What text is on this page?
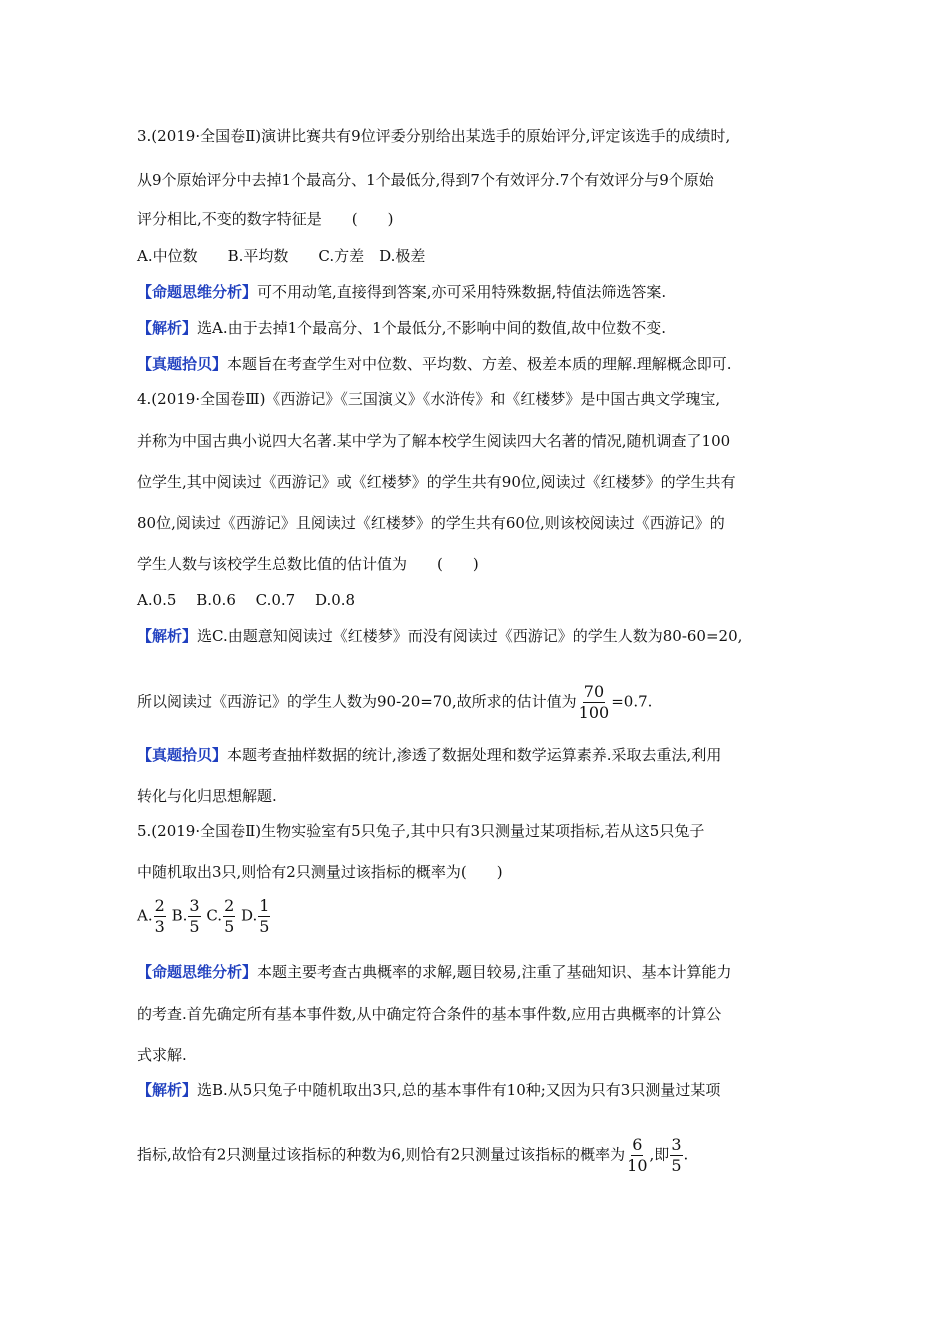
3.(2019·全国卷Ⅱ)演讲比赛共有9位评委分别给出某选手的原始评分,评定该选手的成绩时,
从9个原始评分中去掉1个最高分、1个最低分,得到7个有效评分.7个有效评分与9个原始
评分相比,不变的数字特征是　　(　　)
A.中位数　　B.平均数　　C.方差　D.极差
【命题思维分析】可不用动笔,直接得到答案,亦可采用特殊数据,特值法筛选答案.
【解析】选A.由于去掉1个最高分、1个最低分,不影响中间的数值,故中位数不变.
【真题拾贝】本题旨在考查学生对中位数、平均数、方差、极差本质的理解.理解概念即可.
4.(2019·全国卷Ⅲ)《西游记》《三国演义》《水浒传》和《红楼梦》是中国古典文学瑰宝,
并称为中国古典小说四大名著.某中学为了解本校学生阅读四大名著的情况,随机调查了100
位学生,其中阅读过《西游记》或《红楼梦》的学生共有90位,阅读过《红楼梦》的学生共有
80位,阅读过《西游记》且阅读过《红楼梦》的学生共有60位,则该校阅读过《西游记》的
学生人数与该校学生总数比值的估计值为　　(　　)
A.0.5　 B.0.6　 C.0.7　 D.0.8
【解析】选C.由题意知阅读过《红楼梦》而没有阅读过《西游记》的学生人数为80-60=20,
所以阅读过《西游记》的学生人数为90-20=70,故所求的估计值为 $\frac{70}{100} =0.7$.
【真题拾贝】本题考查抽样数据的统计,渗透了数据处理和数学运算素养.采取去重法,利用
转化与化归思想解题.
5.(2019·全国卷Ⅱ)生物实验室有5只兔子,其中只有3只测量过某项指标,若从这5只兔子
中随机取出3只,则恰有2只测量过该指标的概率为(　　)
A. $\frac{2}{3} B$. $\frac{3}{5} C$. $\frac{2}{5} D$. $\frac{1}{5}$
【命题思维分析】本题主要考查古典概率的求解,题目较易,注重了基础知识、基本计算能力
的考查.首先确定所有基本事件数,从中确定符合条件的基本事件数,应用古典概率的计算公
式求解.
【解析】选B.从5只兔子中随机取出3只,总的基本事件有10种;又因为只有3只测量过某项
指标,故恰有2只测量过该指标的种数为6,则恰有2只测量过该指标的概率为 $\frac{6}{10}$ ,即 $\frac{3}{5}$ .
